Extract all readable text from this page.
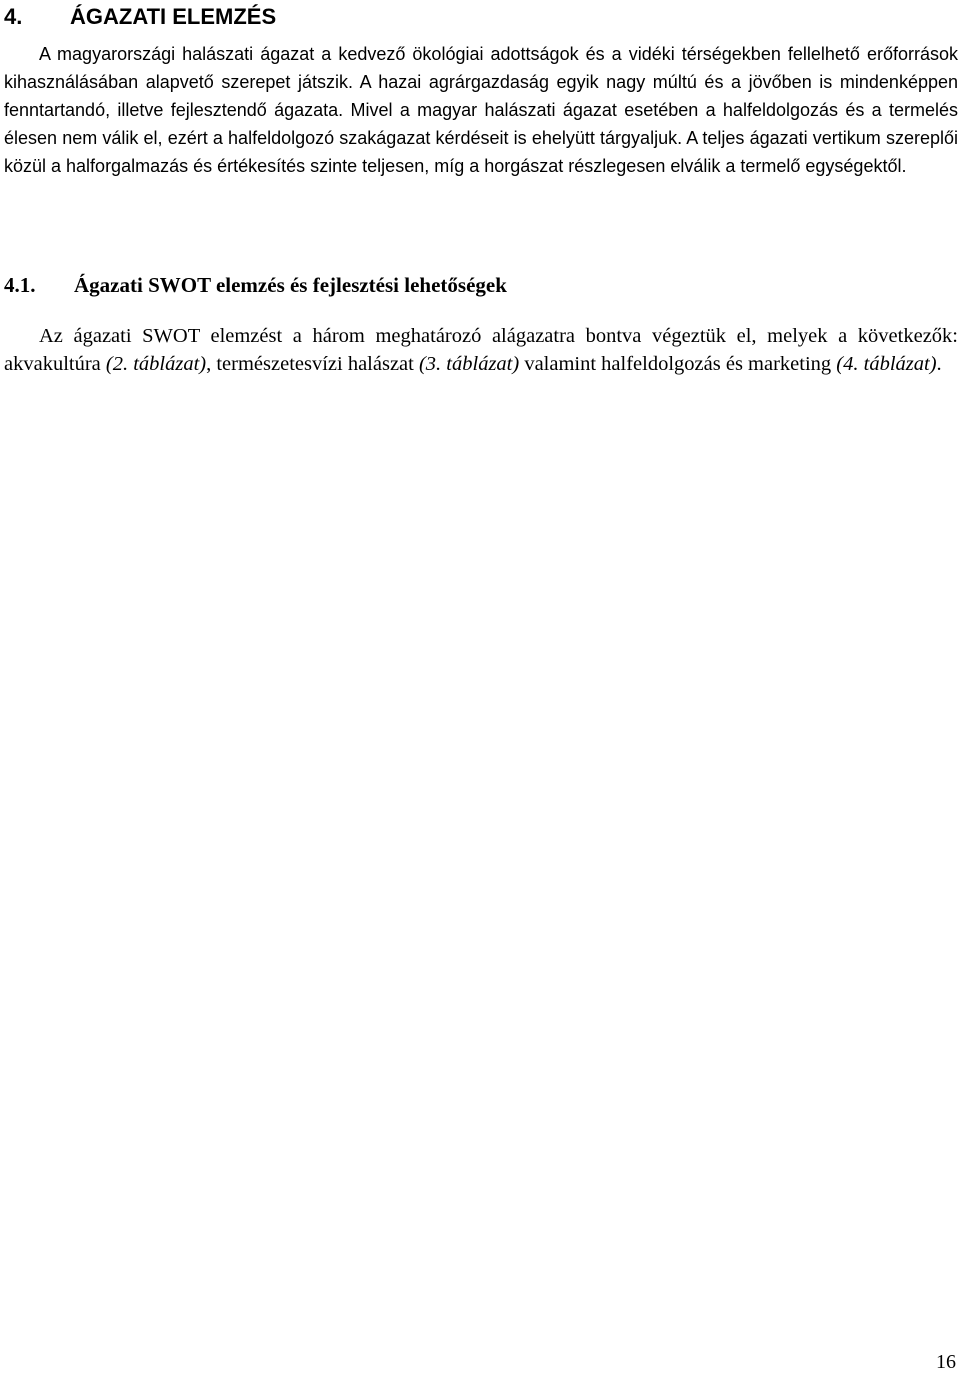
4. ÁGAZATI ELEMZÉS

A magyarországi halászati ágazat a kedvező ökológiai adottságok és a vidéki térségekben fellelhető erőforrások kihasználásában alapvető szerepet játszik. A hazai agrárgazdaság egyik nagy múltú és a jövőben is mindenképpen fenntartandó, illetve fejlesztendő ágazata. Mivel a magyar halászati ágazat esetében a halfeldolgozás és a termelés élesen nem válik el, ezért a halfeldolgozó szakágazat kérdéseit is ehelyütt tárgyaljuk. A teljes ágazati vertikum szereplői közül a halforgalmazás és értékesítés szinte teljesen, míg a horgászat részlegesen elválik a termelő egységektől.

4.1. Ágazati SWOT elemzés és fejlesztési lehetőségek

Az ágazati SWOT elemzést a három meghatározó alágazatra bontva végeztük el, melyek a következők: akvakultúra (2. táblázat), természetesvízi halászat (3. táblázat) valamint halfeldolgozás és marketing (4. táblázat).

16
